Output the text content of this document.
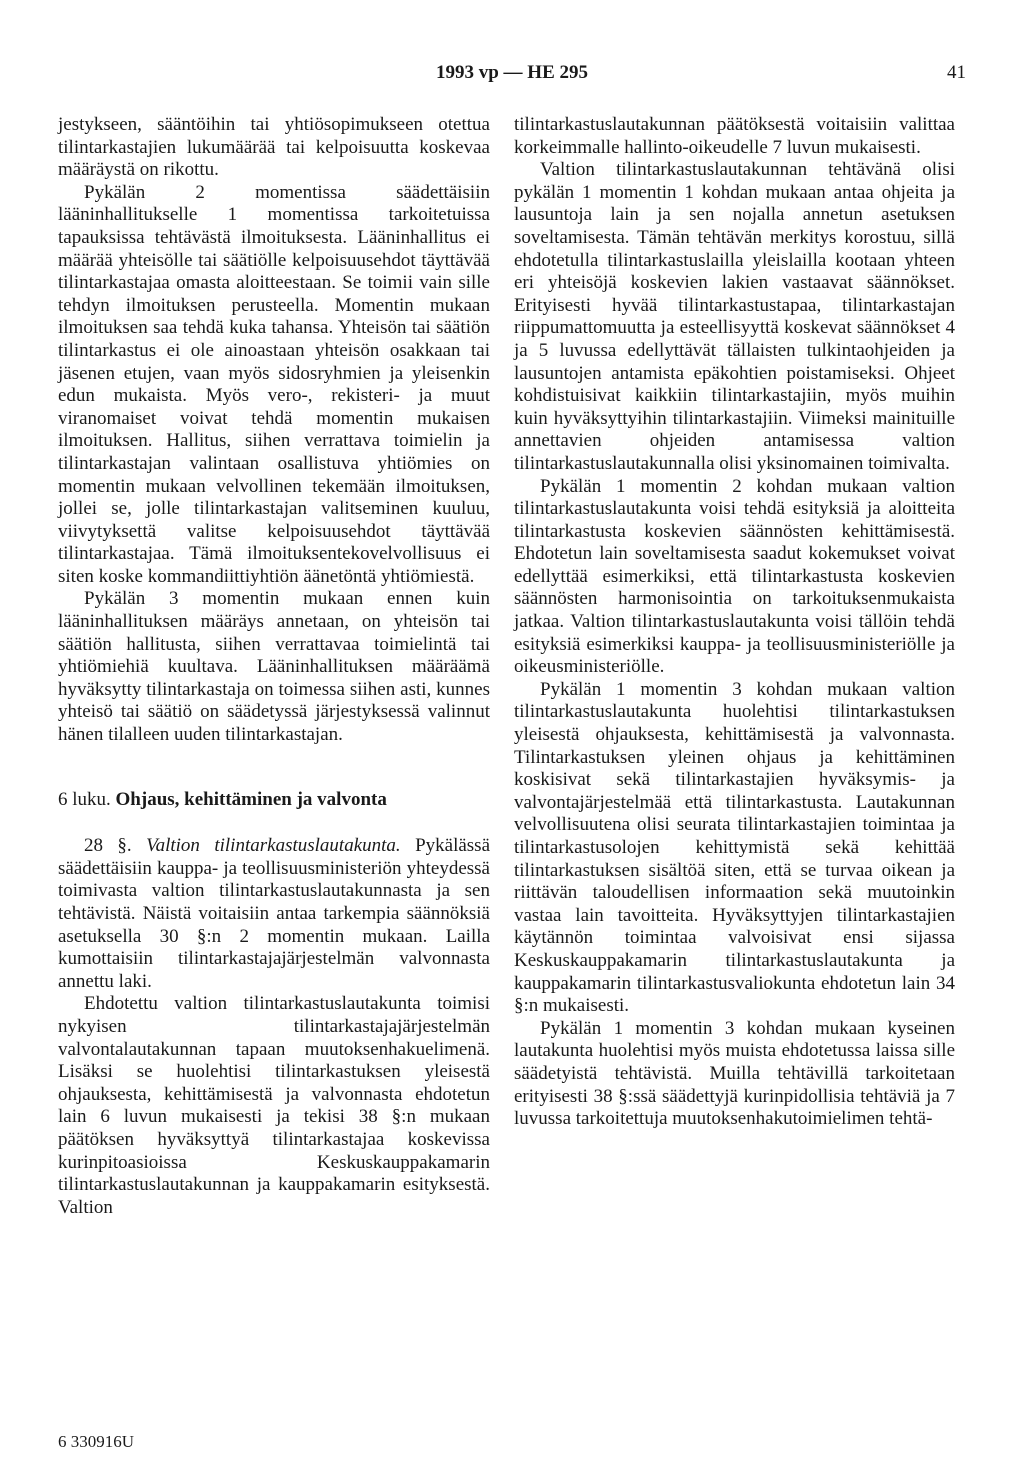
1993 vp — HE 295	41

jestykseen, sääntöihin tai yhtiösopimukseen otettua tilintarkastajien lukumäärää tai kelpoisuutta koskevaa määräystä on rikottu.

Pykälän 2 momentissa säädettäisiin lääninhallitukselle 1 momentissa tarkoitetuissa tapauksissa tehtävästä ilmoituksesta. Lääninhallitus ei määrää yhteisölle tai säätiölle kelpoisuusehdot täyttävää tilintarkastajaa omasta aloitteestaan. Se toimii vain sille tehdyn ilmoituksen perusteella. Momentin mukaan ilmoituksen saa tehdä kuka tahansa. Yhteisön tai säätiön tilintarkastus ei ole ainoastaan yhteisön osakkaan tai jäsenen etujen, vaan myös sidosryhmien ja yleisenkin edun mukaista. Myös vero-, rekisteri- ja muut viranomaiset voivat tehdä momentin mukaisen ilmoituksen. Hallitus, siihen verrattava toimielin ja tilintarkastajan valintaan osallistuva yhtiömies on momentin mukaan velvollinen tekemään ilmoituksen, jollei se, jolle tilintarkastajan valitseminen kuuluu, viivytyksettä valitse kelpoisuusehdot täyttävää tilintarkastajaa. Tämä ilmoituksentekovelvollisuus ei siten koske kommandiittiyhtiön äänetöntä yhtiömiestä.

Pykälän 3 momentin mukaan ennen kuin lääninhallituksen määräys annetaan, on yhteisön tai säätiön hallitusta, siihen verrattavaa toimielintä tai yhtiömiehiä kuultava. Lääninhallituksen määräämä hyväksytty tilintarkastaja on toimessa siihen asti, kunnes yhteisö tai säätiö on säädetyssä järjestyksessä valinnut hänen tilalleen uuden tilintarkastajan.

6 luku. Ohjaus, kehittäminen ja valvonta

28 §. Valtion tilintarkastuslautakunta. Pykälässä säädettäisiin kauppa- ja teollisuusministeriön yhteydessä toimivasta valtion tilintarkastuslautakunnasta ja sen tehtävistä. Näistä voitaisiin antaa tarkempia säännöksiä asetuksella 30 §:n 2 momentin mukaan. Lailla kumottaisiin tilintarkastajajärjestelmän valvonnasta annettu laki.

Ehdotettu valtion tilintarkastuslautakunta toimisi nykyisen tilintarkastajajärjestelmän valvontalautakunnan tapaan muutoksenhakuelimenä. Lisäksi se huolehtisi tilintarkastuksen yleisestä ohjauksesta, kehittämisestä ja valvonnasta ehdotetun lain 6 luvun mukaisesti ja tekisi 38 §:n mukaan päätöksen hyväksyttyä tilintarkastajaa koskevissa kurinpitoasioissa Keskuskauppakamarin tilintarkastuslautakunnan ja kauppakamarin esityksestä. Valtion

tilintarkastuslautakunnan päätöksestä voitaisiin valittaa korkeimmalle hallinto-oikeudelle 7 luvun mukaisesti.

Valtion tilintarkastuslautakunnan tehtävänä olisi pykälän 1 momentin 1 kohdan mukaan antaa ohjeita ja lausuntoja lain ja sen nojalla annetun asetuksen soveltamisesta. Tämän tehtävän merkitys korostuu, sillä ehdotetulla tilintarkastuslailla yleislailla kootaan yhteen eri yhteisöjä koskevien lakien vastaavat säännökset. Erityisesti hyvää tilintarkastustapaa, tilintarkastajan riippumattomuutta ja esteellisyyttä koskevat säännökset 4 ja 5 luvussa edellyttävät tällaisten tulkintaohjeiden ja lausuntojen antamista epäkohtien poistamiseksi. Ohjeet kohdistuisivat kaikkiin tilintarkastajiin, myös muihin kuin hyväksyttyihin tilintarkastajiin. Viimeksi mainituille annettavien ohjeiden antamisessa valtion tilintarkastuslautakunnalla olisi yksinomainen toimivalta.

Pykälän 1 momentin 2 kohdan mukaan valtion tilintarkastuslautakunta voisi tehdä esityksiä ja aloitteita tilintarkastusta koskevien säännösten kehittämisestä. Ehdotetun lain soveltamisesta saadut kokemukset voivat edellyttää esimerkiksi, että tilintarkastusta koskevien säännösten harmonisointia on tarkoituksenmukaista jatkaa. Valtion tilintarkastuslautakunta voisi tällöin tehdä esityksiä esimerkiksi kauppa- ja teollisuusministeriölle ja oikeusministeriölle.

Pykälän 1 momentin 3 kohdan mukaan valtion tilintarkastuslautakunta huolehtisi tilintarkastuksen yleisestä ohjauksesta, kehittämisestä ja valvonnasta. Tilintarkastuksen yleinen ohjaus ja kehittäminen koskisivat sekä tilintarkastajien hyväksymis- ja valvontajärjestelmää että tilintarkastusta. Lautakunnan velvollisuutena olisi seurata tilintarkastajien toimintaa ja tilintarkastusolojen kehittymistä sekä kehittää tilintarkastuksen sisältöä siten, että se turvaa oikean ja riittävän taloudellisen informaation sekä muutoinkin vastaa lain tavoitteita. Hyväksyttyjen tilintarkastajien käytännön toimintaa valvoisivat ensi sijassa Keskuskauppakamarin tilintarkastuslautakunta ja kauppakamarin tilintarkastusvaliokunta ehdotetun lain 34 §:n mukaisesti.

Pykälän 1 momentin 3 kohdan mukaan kyseinen lautakunta huolehtisi myös muista ehdotetussa laissa sille säädetyistä tehtävistä. Muilla tehtävillä tarkoitetaan erityisesti 38 §:ssä säädettyjä kurinpidollisia tehtäviä ja 7 luvussa tarkoitettuja muutoksenhakutoimielimen tehtä-

6 330916U
